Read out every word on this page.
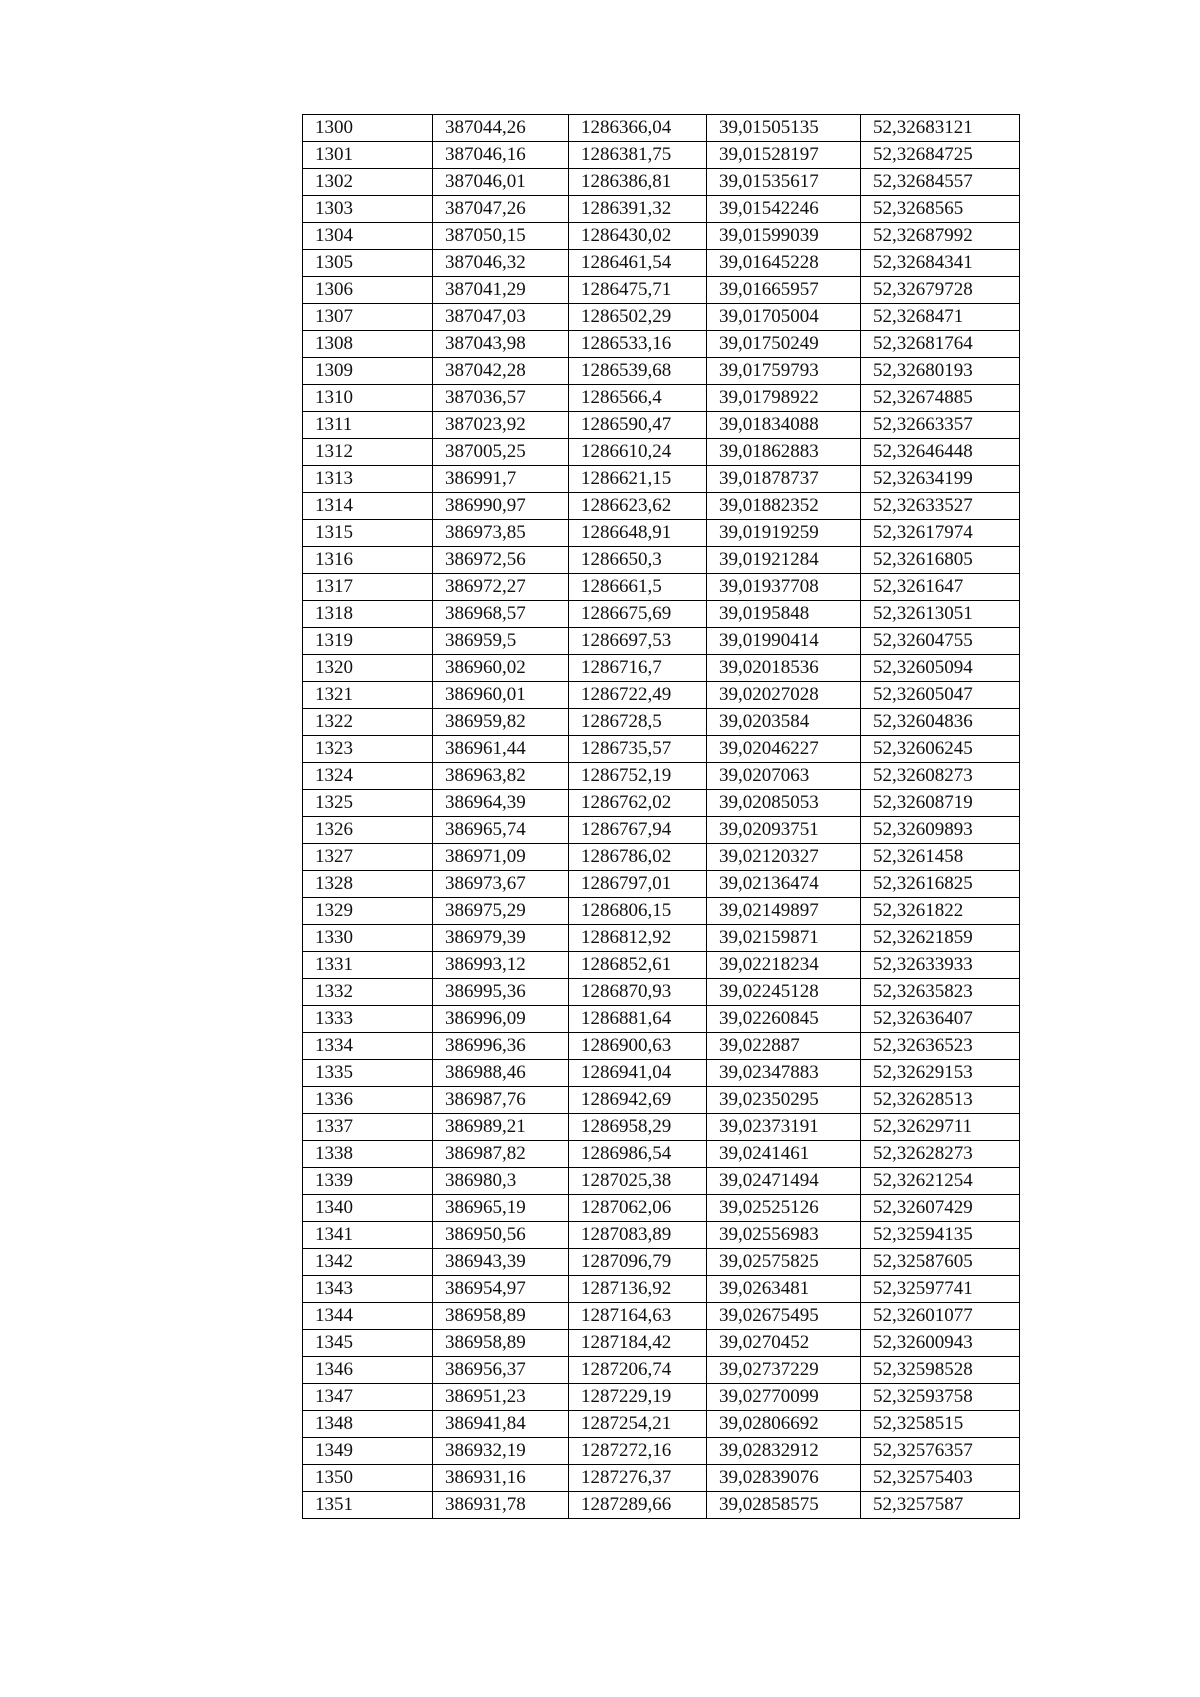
1300	387044,26	1286366,04	39,01505135	52,32683121
1301	387046,16	1286381,75	39,01528197	52,32684725
1302	387046,01	1286386,81	39,01535617	52,32684557
1303	387047,26	1286391,32	39,01542246	52,3268565
1304	387050,15	1286430,02	39,01599039	52,32687992
1305	387046,32	1286461,54	39,01645228	52,32684341
1306	387041,29	1286475,71	39,01665957	52,32679728
1307	387047,03	1286502,29	39,01705004	52,3268471
1308	387043,98	1286533,16	39,01750249	52,32681764
1309	387042,28	1286539,68	39,01759793	52,32680193
1310	387036,57	1286566,4	39,01798922	52,32674885
1311	387023,92	1286590,47	39,01834088	52,32663357
1312	387005,25	1286610,24	39,01862883	52,32646448
1313	386991,7	1286621,15	39,01878737	52,32634199
1314	386990,97	1286623,62	39,01882352	52,32633527
1315	386973,85	1286648,91	39,01919259	52,32617974
1316	386972,56	1286650,3	39,01921284	52,32616805
1317	386972,27	1286661,5	39,01937708	52,3261647
1318	386968,57	1286675,69	39,0195848	52,32613051
1319	386959,5	1286697,53	39,01990414	52,32604755
1320	386960,02	1286716,7	39,02018536	52,32605094
1321	386960,01	1286722,49	39,02027028	52,32605047
1322	386959,82	1286728,5	39,0203584	52,32604836
1323	386961,44	1286735,57	39,02046227	52,32606245
1324	386963,82	1286752,19	39,0207063	52,32608273
1325	386964,39	1286762,02	39,02085053	52,32608719
1326	386965,74	1286767,94	39,02093751	52,32609893
1327	386971,09	1286786,02	39,02120327	52,3261458
1328	386973,67	1286797,01	39,02136474	52,32616825
1329	386975,29	1286806,15	39,02149897	52,3261822
1330	386979,39	1286812,92	39,02159871	52,32621859
1331	386993,12	1286852,61	39,02218234	52,32633933
1332	386995,36	1286870,93	39,02245128	52,32635823
1333	386996,09	1286881,64	39,02260845	52,32636407
1334	386996,36	1286900,63	39,022887	52,32636523
1335	386988,46	1286941,04	39,02347883	52,32629153
1336	386987,76	1286942,69	39,02350295	52,32628513
1337	386989,21	1286958,29	39,02373191	52,32629711
1338	386987,82	1286986,54	39,0241461	52,32628273
1339	386980,3	1287025,38	39,02471494	52,32621254
1340	386965,19	1287062,06	39,02525126	52,32607429
1341	386950,56	1287083,89	39,02556983	52,32594135
1342	386943,39	1287096,79	39,02575825	52,32587605
1343	386954,97	1287136,92	39,0263481	52,32597741
1344	386958,89	1287164,63	39,02675495	52,32601077
1345	386958,89	1287184,42	39,0270452	52,32600943
1346	386956,37	1287206,74	39,02737229	52,32598528
1347	386951,23	1287229,19	39,02770099	52,32593758
1348	386941,84	1287254,21	39,02806692	52,3258515
1349	386932,19	1287272,16	39,02832912	52,32576357
1350	386931,16	1287276,37	39,02839076	52,32575403
1351	386931,78	1287289,66	39,02858575	52,3257587
